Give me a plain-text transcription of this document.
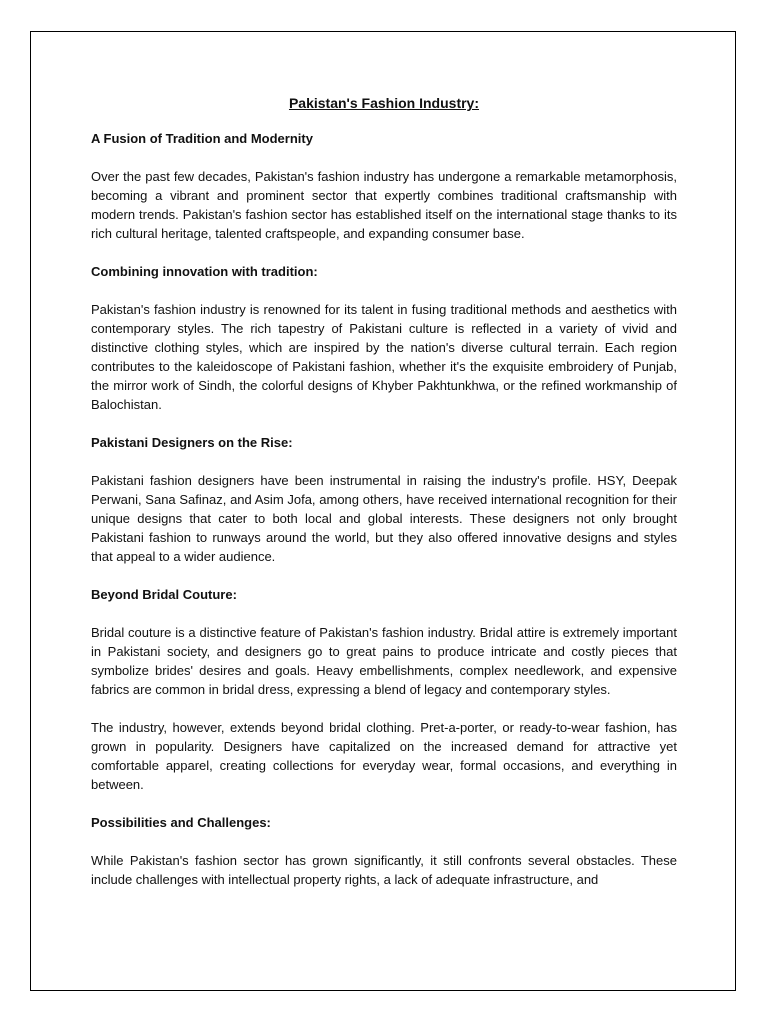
Pakistan's Fashion Industry:
A Fusion of Tradition and Modernity

Over the past few decades, Pakistan's fashion industry has undergone a remarkable metamorphosis, becoming a vibrant and prominent sector that expertly combines traditional craftsmanship with modern trends. Pakistan's fashion sector has established itself on the international stage thanks to its rich cultural heritage, talented craftspeople, and expanding consumer base.

Combining innovation with tradition:

Pakistan's fashion industry is renowned for its talent in fusing traditional methods and aesthetics with contemporary styles. The rich tapestry of Pakistani culture is reflected in a variety of vivid and distinctive clothing styles, which are inspired by the nation's diverse cultural terrain. Each region contributes to the kaleidoscope of Pakistani fashion, whether it's the exquisite embroidery of Punjab, the mirror work of Sindh, the colorful designs of Khyber Pakhtunkhwa, or the refined workmanship of Balochistan.

Pakistani Designers on the Rise:

Pakistani fashion designers have been instrumental in raising the industry's profile. HSY, Deepak Perwani, Sana Safinaz, and Asim Jofa, among others, have received international recognition for their unique designs that cater to both local and global interests. These designers not only brought Pakistani fashion to runways around the world, but they also offered innovative designs and styles that appeal to a wider audience.

Beyond Bridal Couture:

Bridal couture is a distinctive feature of Pakistan's fashion industry. Bridal attire is extremely important in Pakistani society, and designers go to great pains to produce intricate and costly pieces that symbolize brides' desires and goals. Heavy embellishments, complex needlework, and expensive fabrics are common in bridal dress, expressing a blend of legacy and contemporary styles.

The industry, however, extends beyond bridal clothing. Pret-a-porter, or ready-to-wear fashion, has grown in popularity. Designers have capitalized on the increased demand for attractive yet comfortable apparel, creating collections for everyday wear, formal occasions, and everything in between.

Possibilities and Challenges:

While Pakistan's fashion sector has grown significantly, it still confronts several obstacles. These include challenges with intellectual property rights, a lack of adequate infrastructure, and
